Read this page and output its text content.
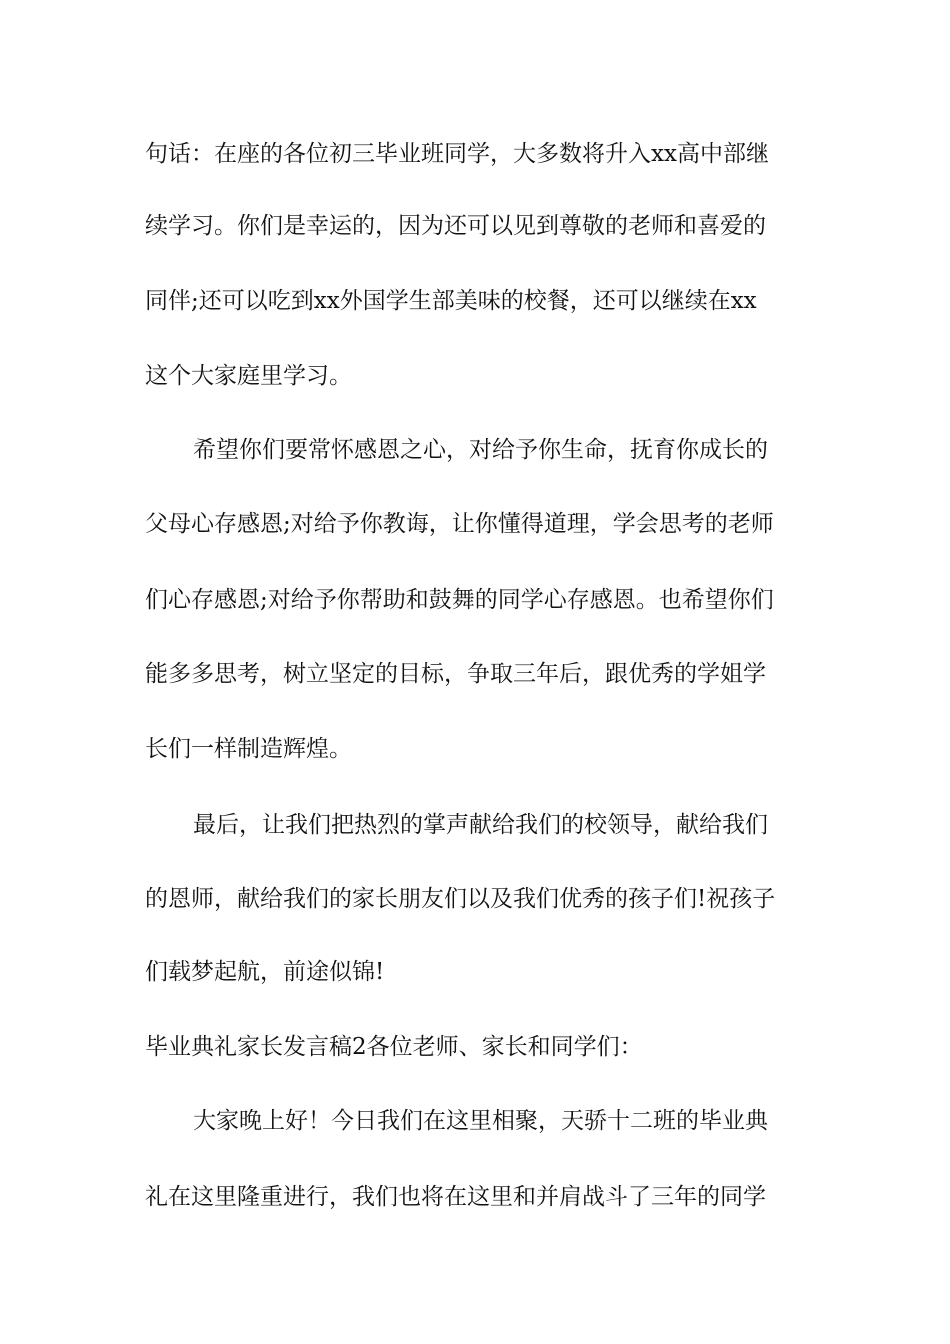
句话：在座的各位初三毕业班同学，大多数将升入xx高中部继
续学习。你们是幸运的，因为还可以见到尊敬的老师和喜爱的
同伴;还可以吃到xx外国学生部美味的校餐，还可以继续在xx
这个大家庭里学习。
希望你们要常怀感恩之心，对给予你生命，抚育你成长的
父母心存感恩;对给予你教诲，让你懂得道理，学会思考的老师
们心存感恩;对给予你帮助和鼓舞的同学心存感恩。也希望你们
能多多思考，树立坚定的目标，争取三年后，跟优秀的学姐学
长们一样制造辉煌。
最后，让我们把热烈的掌声献给我们的校领导，献给我们
的恩师，献给我们的家长朋友们以及我们优秀的孩子们!祝孩子
们载梦起航，前途似锦!
毕业典礼家长发言稿2各位老师、家长和同学们：
大家晚上好！今日我们在这里相聚，天骄十二班的毕业典
礼在这里隆重进行，我们也将在这里和并肩战斗了三年的同学
